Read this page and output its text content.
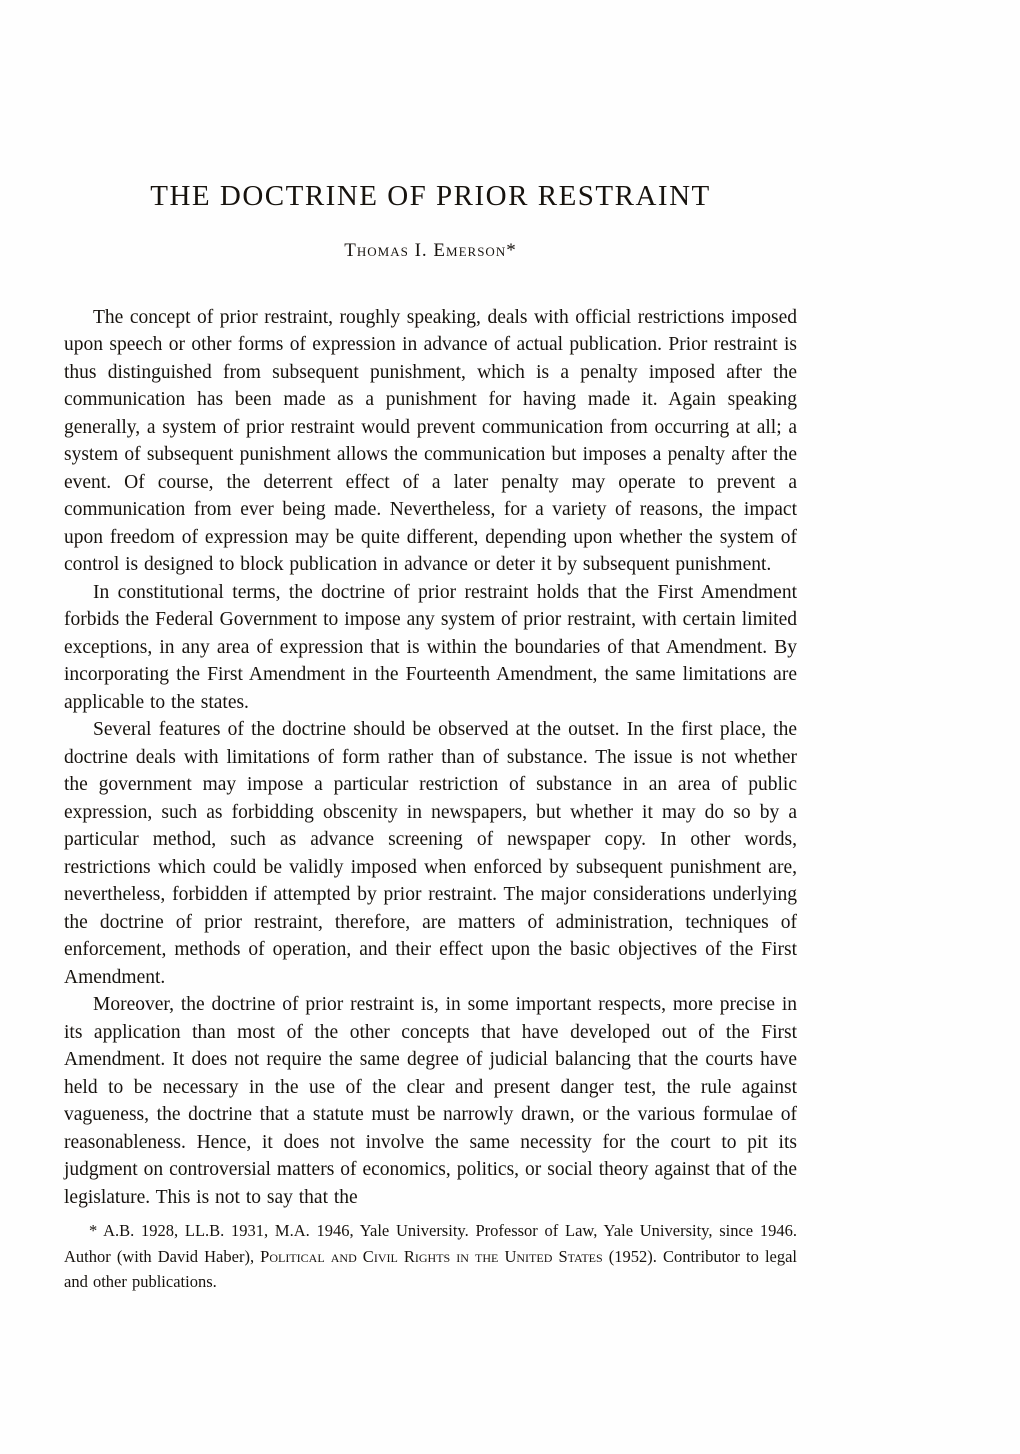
THE DOCTRINE OF PRIOR RESTRAINT
Thomas I. Emerson*

The concept of prior restraint, roughly speaking, deals with official restrictions imposed upon speech or other forms of expression in advance of actual publication. Prior restraint is thus distinguished from subsequent punishment, which is a penalty imposed after the communication has been made as a punishment for having made it. Again speaking generally, a system of prior restraint would prevent communication from occurring at all; a system of subsequent punishment allows the communication but imposes a penalty after the event. Of course, the deterrent effect of a later penalty may operate to prevent a communication from ever being made. Nevertheless, for a variety of reasons, the impact upon freedom of expression may be quite different, depending upon whether the system of control is designed to block publication in advance or deter it by subsequent punishment.

In constitutional terms, the doctrine of prior restraint holds that the First Amendment forbids the Federal Government to impose any system of prior restraint, with certain limited exceptions, in any area of expression that is within the boundaries of that Amendment. By incorporating the First Amendment in the Fourteenth Amendment, the same limitations are applicable to the states.

Several features of the doctrine should be observed at the outset. In the first place, the doctrine deals with limitations of form rather than of substance. The issue is not whether the government may impose a particular restriction of substance in an area of public expression, such as forbidding obscenity in newspapers, but whether it may do so by a particular method, such as advance screening of newspaper copy. In other words, restrictions which could be validly imposed when enforced by subsequent punishment are, nevertheless, forbidden if attempted by prior restraint. The major considerations underlying the doctrine of prior restraint, therefore, are matters of administration, techniques of enforcement, methods of operation, and their effect upon the basic objectives of the First Amendment.

Moreover, the doctrine of prior restraint is, in some important respects, more precise in its application than most of the other concepts that have developed out of the First Amendment. It does not require the same degree of judicial balancing that the courts have held to be necessary in the use of the clear and present danger test, the rule against vagueness, the doctrine that a statute must be narrowly drawn, or the various formulae of reasonableness. Hence, it does not involve the same necessity for the court to pit its judgment on controversial matters of economics, politics, or social theory against that of the legislature. This is not to say that the

* A.B. 1928, LL.B. 1931, M.A. 1946, Yale University. Professor of Law, Yale University, since 1946. Author (with David Haber), Political and Civil Rights in the United States (1952). Contributor to legal and other publications.
